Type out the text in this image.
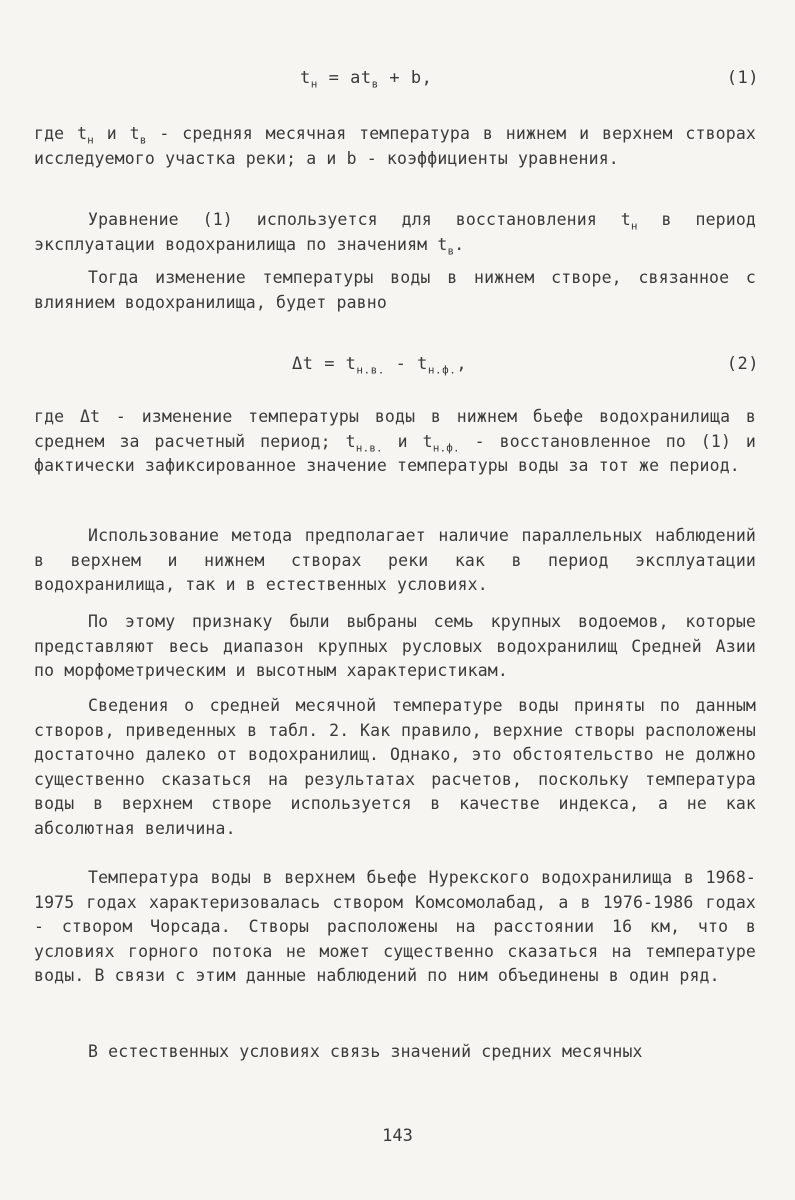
$t_н = at_в + b$,	(1)

где $t_н$ и $t_в$ - средняя месячная температура в нижнем и верхнем створах исследуемого участка реки; а и b - коэффициенты уравнения.

Уравнение (1) используется для восстановления $t_н$ в период эксплуатации водохранилища по значениям $t_в$.

Тогда изменение температуры воды в нижнем створе, связанное с влиянием водохранилища, будет равно

$\Delta t = t_{н.в.} - t_{н.ф.}$,	(2)

где Δt - изменение температуры воды в нижнем бьефе водохранилища в среднем за расчетный период; $t_{н.в.}$ и $t_{н.ф.}$ - восстановленное по (1) и фактически зафиксированное значение температуры воды за тот же период.

Использование метода предполагает наличие параллельных наблюдений в верхнем и нижнем створах реки как в период эксплуатации водохранилища, так и в естественных условиях.

По этому признаку были выбраны семь крупных водоемов, которые представляют весь диапазон крупных русловых водохранилищ Средней Азии по морфометрическим и высотным характеристикам.

Сведения о средней месячной температуре воды приняты по данным створов, приведенных в табл. 2. Как правило, верхние створы расположены достаточно далеко от водохранилищ. Однако, это обстоятельство не должно существенно сказаться на результатах расчетов, поскольку температура воды в верхнем створе используется в качестве индекса, а не как абсолютная величина.

Температура воды в верхнем бьефе Нурекского водохранилища в 1968-1975 годах характеризовалась створом Комсомолабад, а в 1976-1986 годах - створом Чорсада. Створы расположены на расстоянии 16 км, что в условиях горного потока не может существенно сказаться на температуре воды. В связи с этим данные наблюдений по ним объединены в один ряд.

В естественных условиях связь значений средних месячных

143
